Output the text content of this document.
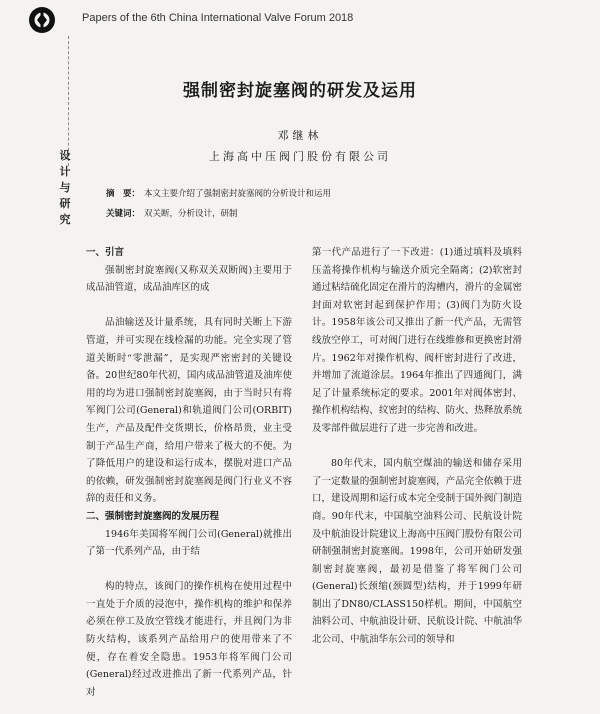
Papers of the 6th China International Valve Forum 2018
设
计
与
研
究
强制密封旋塞阀的研发及运用
邓继林
上海高中压阀门股份有限公司
摘　要： 本文主要介绍了强制密封旋塞阀的分析设计和运用
关键词： 双关断，分析设计，研制
一、引言

强制密封旋塞阀(又称双关双断阀)主要用于成品油管道，成品油库区的成

品油输送及计量系统，具有同时关断上下游管道，并可实现在线检漏的功能。完全实现了管道关断时“零泄漏”，是实现严密密封的关键设备。20世纪80年代初，国内成品油管道及油库使用的均为进口强制密封旋塞阀，由于当时只有将军阀门公司(General)和轨道阀门公司(ORBIT)生产，产品及配件交货期长，价格昂贵，业主受制于产品生产商，给用户带来了极大的不便。为了降低用户的建设和运行成本，摆脱对进口产品的依赖，研发强制密封旋塞阀是阀门行业义不容辞的责任和义务。

二、强制密封旋塞阀的发展历程

1946年美国将军阀门公司(General)就推出了第一代系列产品，由于结

构的特点，该阀门的操作机构在使用过程中一直处于介质的浸泡中，操作机构的维护和保养必须在停工及放空管线才能进行，并且阀门为非防火结构，该系列产品给用户的使用带来了不便，存在着安全隐患。1953年将军阀门公司(General)经过改进推出了新一代系列产品，针对

第一代产品进行了一下改进：(1)通过填料及填料压盖将操作机构与输送介质完全隔离；(2)软密封通过粘结硫化固定在滑片的沟槽内，滑片的金属密封面对软密封起到保护作用；(3)阀门为防火设计。1958年该公司又推出了新一代产品，无需管线放空停工，可对阀门进行在线维修和更换密封滑片。1962年对操作机构、阀杆密封进行了改进，并增加了流道涂层。1964年推出了四通阀门，满足了计量系统标定的要求。2001年对阀体密封、操作机构结构、纹密封的结构、防火、热释放系统及零部件做层进行了进一步完善和改进。

80年代末，国内航空煤油的输送和储存采用了一定数量的强制密封旋塞阀，产品完全依赖于进口，建设周期和运行成本完全受制于国外阀门制造商。90年代末，中国航空油料公司、民航设计院及中航油设计院建议上海高中压阀门股份有限公司研制强制密封旋塞阀。1998年，公司开始研发强制密封旋塞阀，最初是借鉴了将军阀门公司(General)长颈缩(颈圆型)结构，并于1999年研制出了DN80/CLASS150样机。期间，中国航空油料公司、中航油设计研、民航设计院、中航油华北公司、中航油华东公司的领导和
